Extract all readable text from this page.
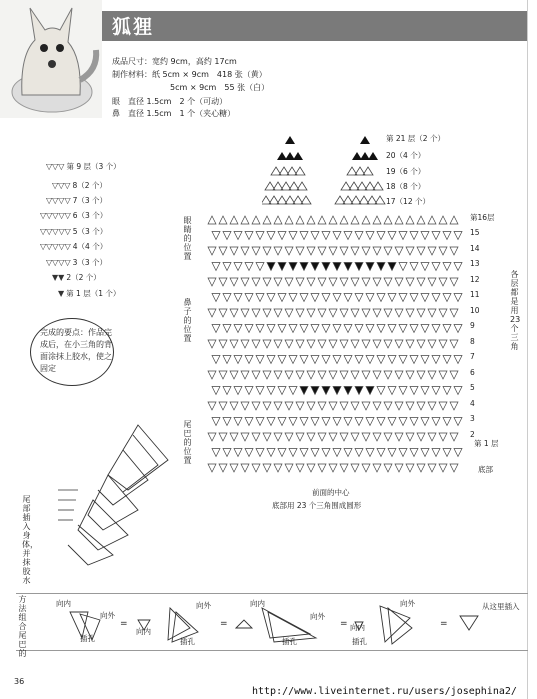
狐狸
成品尺寸：宽约 9cm，高约 17cm
制作材料：纸 5cm × 9cm　418 张（黄）
5cm × 9cm　55 张（白）
眼　直径 1.5cm　2 个（可动）
鼻　直径 1.5cm　1 个（夹心糖）
▽▽▽ 第 9 层（3 个）
▽▽▽ 8（2 个）
▽▽▽▽ 7（3 个）
▽▽▽▽▽ 6（3 个）
▽▽▽▽▽ 5（3 个）
▽▽▽▽▽ 4（4 个）
▽▽▽▽ 3（3 个）
▼▼ 2（2 个）
▼ 第 1 层（1 个）
第 21 层（2 个）
20（4 个）
19（6 个）
18（8 个）
17（12 个）
第16层
15
14
13
12
11
10
9
8
7
6
5
4
3
2
第 1 层
眼睛的位置
鼻子的位置
尾巴的位置
各层都是用 23 个三角
底部
前面的中心
底部用 23 个三角围成圆形
完成的要点：作品完成后，在小三角的背面涂抹上胶水，使之固定
尾部插入身体，并抹胶水
方法组合尾巴的
=	=	=	=
向内
向外
插孔
向外
向内
插孔
向内
向外
插孔
向外
向内
插孔
从这里插入
36
http://www.liveinternet.ru/users/josephina2/
